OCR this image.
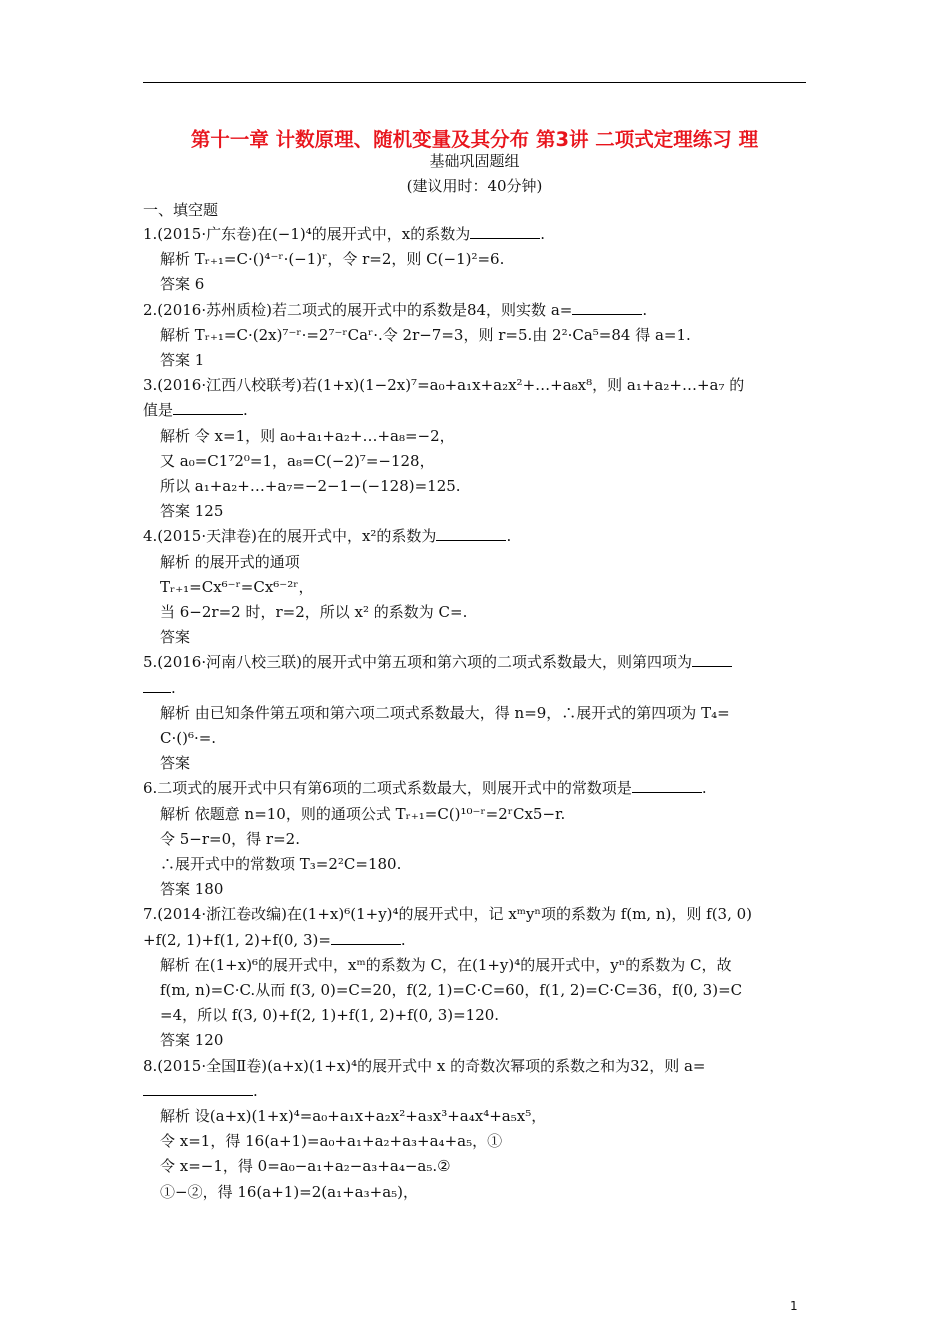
第十一章 计数原理、随机变量及其分布 第3讲 二项式定理练习 理
基础巩固题组
(建议用时：40分钟)
一、填空题
1.(2015·广东卷)在(−1)⁴的展开式中，x的系数为	.
解析 Tᵣ₊₁=C·()⁴⁻ʳ·(−1)ʳ，令 r=2，则 C(−1)²=6.
答案 6
2.(2016·苏州质检)若二项式的展开式中的系数是84，则实数 a=	.
解析 Tᵣ₊₁=C·(2x)⁷⁻ʳ·=2⁷⁻ʳCaʳ·.令 2r−7=3，则 r=5.由 2²·Ca⁵=84 得 a=1.
答案 1
3.(2016·江西八校联考)若(1+x)(1−2x)⁷=a₀+a₁x+a₂x²+…+a₈x⁸，则 a₁+a₂+…+a₇ 的
值是	.
解析 令 x=1，则 a₀+a₁+a₂+…+a₈=−2，
又 a₀=C1⁷2⁰=1，a₈=C(−2)⁷=−128，
所以 a₁+a₂+…+a₇=−2−1−(−128)=125.
答案 125
4.(2015·天津卷)在的展开式中，x²的系数为	.
解析 的展开式的通项
Tᵣ₊₁=Cx⁶⁻ʳ=Cx⁶⁻²ʳ，
当 6−2r=2 时，r=2，所以 x² 的系数为 C=.
答案
5.(2016·河南八校三联)的展开式中第五项和第六项的二项式系数最大，则第四项为
.
解析 由已知条件第五项和第六项二项式系数最大，得 n=9，∴展开式的第四项为 T₄=
C·()⁶·=.
答案
6.二项式的展开式中只有第6项的二项式系数最大，则展开式中的常数项是	.
解析 依题意 n=10，则的通项公式 Tᵣ₊₁=C()¹⁰⁻ʳ=2ʳCx5−r.
令 5−r=0，得 r=2.
∴展开式中的常数项 T₃=2²C=180.
答案 180
7.(2014·浙江卷改编)在(1+x)⁶(1+y)⁴的展开式中，记 xᵐyⁿ项的系数为 f(m, n)，则 f(3, 0)
+f(2, 1)+f(1, 2)+f(0, 3)=	.
解析 在(1+x)⁶的展开式中，xᵐ的系数为 C，在(1+y)⁴的展开式中，yⁿ的系数为 C，故
f(m, n)=C·C.从而 f(3, 0)=C=20，f(2, 1)=C·C=60，f(1, 2)=C·C=36，f(0, 3)=C
=4，所以 f(3, 0)+f(2, 1)+f(1, 2)+f(0, 3)=120.
答案 120
8.(2015·全国Ⅱ卷)(a+x)(1+x)⁴的展开式中 x 的奇数次幂项的系数之和为32，则 a=
.
解析 设(a+x)(1+x)⁴=a₀+a₁x+a₂x²+a₃x³+a₄x⁴+a₅x⁵，
令 x=1，得 16(a+1)=a₀+a₁+a₂+a₃+a₄+a₅，①
令 x=−1，得 0=a₀−a₁+a₂−a₃+a₄−a₅.②
①−②，得 16(a+1)=2(a₁+a₃+a₅)，
1
